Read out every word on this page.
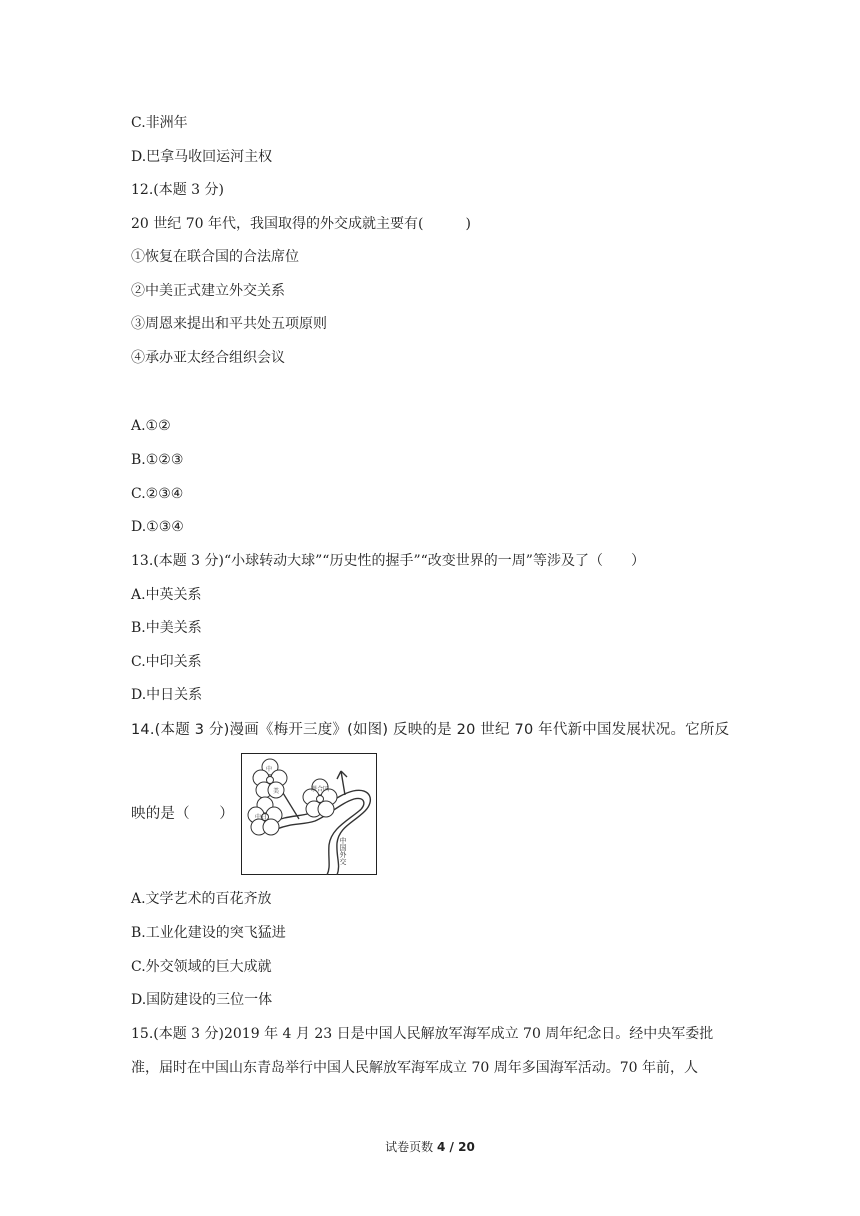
C.非洲年
D.巴拿马收回运河主权
12.(本题 3 分)
20 世纪 70 年代，我国取得的外交成就主要有(　　　)
①恢复在联合国的合法席位
②中美正式建立外交关系
③周恩来提出和平共处五项原则
④承办亚太经合组织会议
A.①②
B.①②③
C.②③④
D.①③④
13.(本题 3 分)“小球转动大球”“历史性的握手”“改变世界的一周”等涉及了（　　）
A.中英关系
B.中美关系
C.中印关系
D.中日关系
14.(本题 3 分)漫画《梅开三度》(如图) 反映的是 20 世纪 70 年代新中国发展状况。它所反
映的是（　　）
中
美	联合国
中日
中国外交
A.文学艺术的百花齐放
B.工业化建设的突飞猛进
C.外交领域的巨大成就
D.国防建设的三位一体
15.(本题 3 分)2019 年 4 月 23 日是中国人民解放军海军成立 70 周年纪念日。经中央军委批
准，届时在中国山东青岛举行中国人民解放军海军成立 70 周年多国海军活动。70 年前，人
试卷页数 4 / 20
